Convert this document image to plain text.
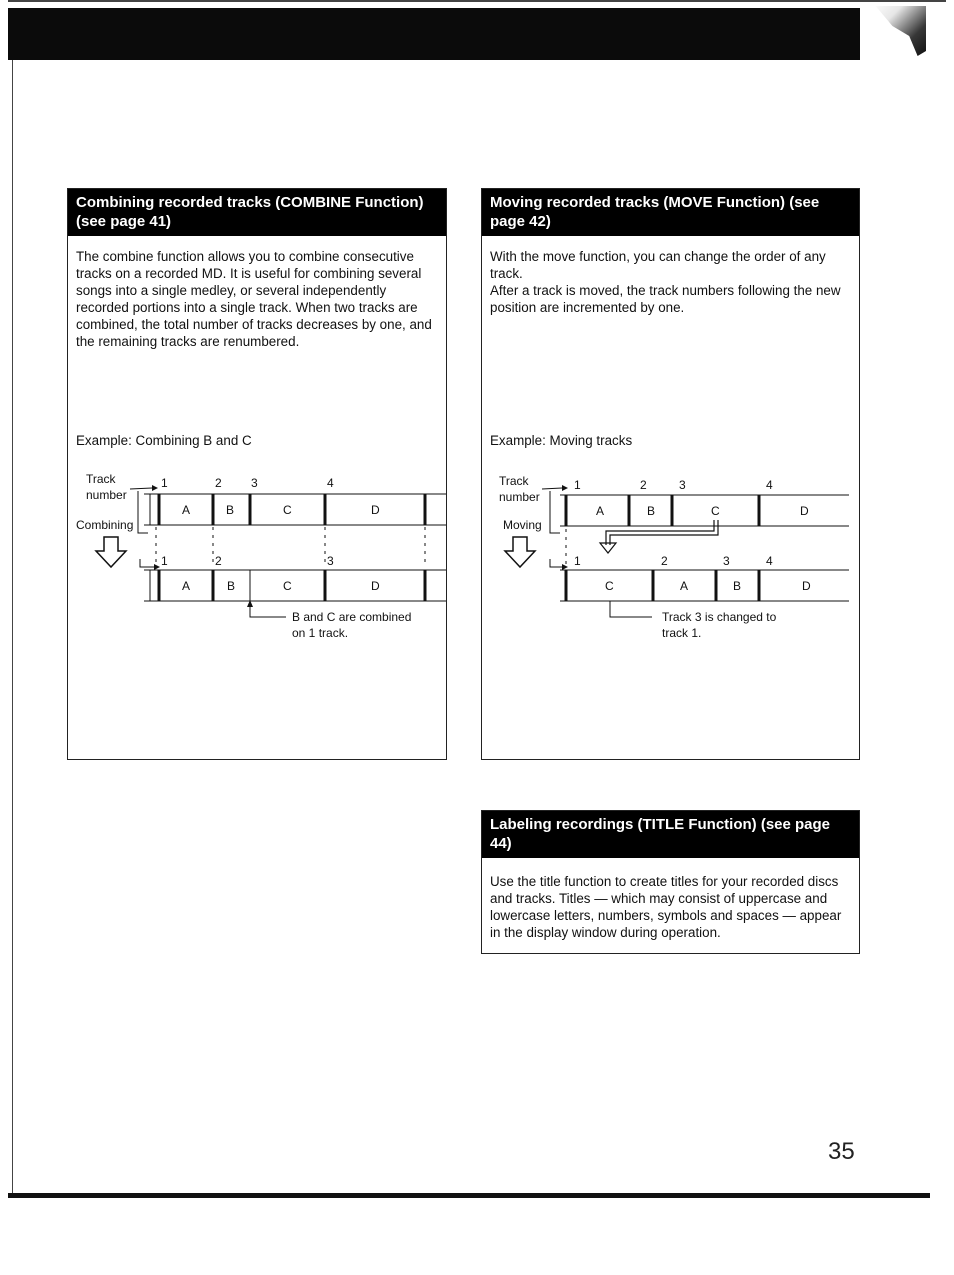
Combining recorded tracks (COMBINE Function) (see page 41)

The combine function allows you to combine consecutive tracks on a recorded MD. It is useful for combining several songs into a single medley, or several independently recorded portions into a single track. When two tracks are combined, the total number of tracks decreases by one, and the remaining tracks are renumbered.

Example: Combining B and C
Track
number
Combining
1	2 3	4
A	B	C	D
1	2	3
A	B	C	D
B and C are combined
on 1 track.
Moving recorded tracks (MOVE Function) (see page 42)

With the move function, you can change the order of any track.

After a track is moved, the track numbers following the new position are incremented by one.

Example: Moving tracks
Track
number
Moving
1	2	3	4
A	B	C	D
1	2	3	4
C	A	B	D
Track 3 is changed to
track 1.
Labeling recordings (TITLE Function) (see page 44)

Use the title function to create titles for your recorded discs and tracks. Titles — which may consist of uppercase and lowercase letters, numbers, symbols and spaces — appear in the display window during operation.

35
